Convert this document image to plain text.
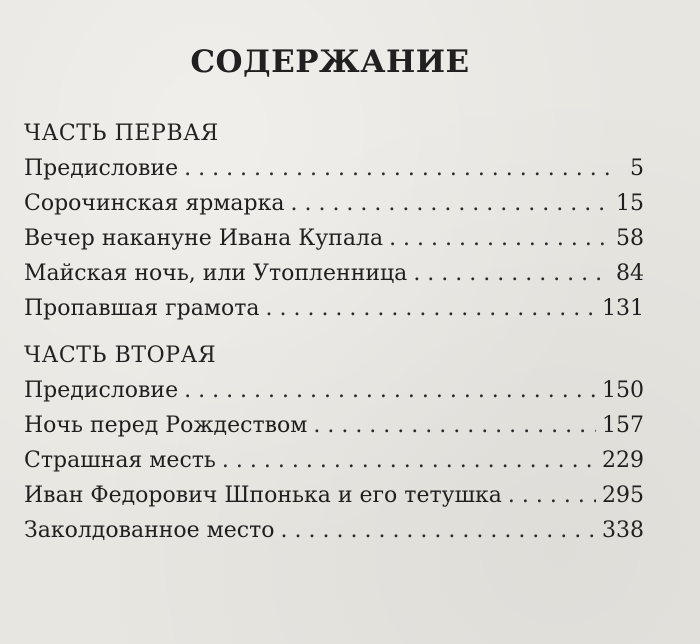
СОДЕРЖАНИЕ
ЧАСТЬ ПЕРВАЯ
Предисловие . . .	5
Сорочинская ярмарка . . .	15
Вечер накануне Ивана Купала . . .	58
Майская ночь, или Утопленница . . .	84
Пропавшая грамота . . .	131
ЧАСТЬ ВТОРАЯ
Предисловие . . .	150
Ночь перед Рождеством . . .	157
Страшная месть . . .	229
Иван Федорович Шпонька и его тетушка . . .	295
Заколдованное место . . .	338
